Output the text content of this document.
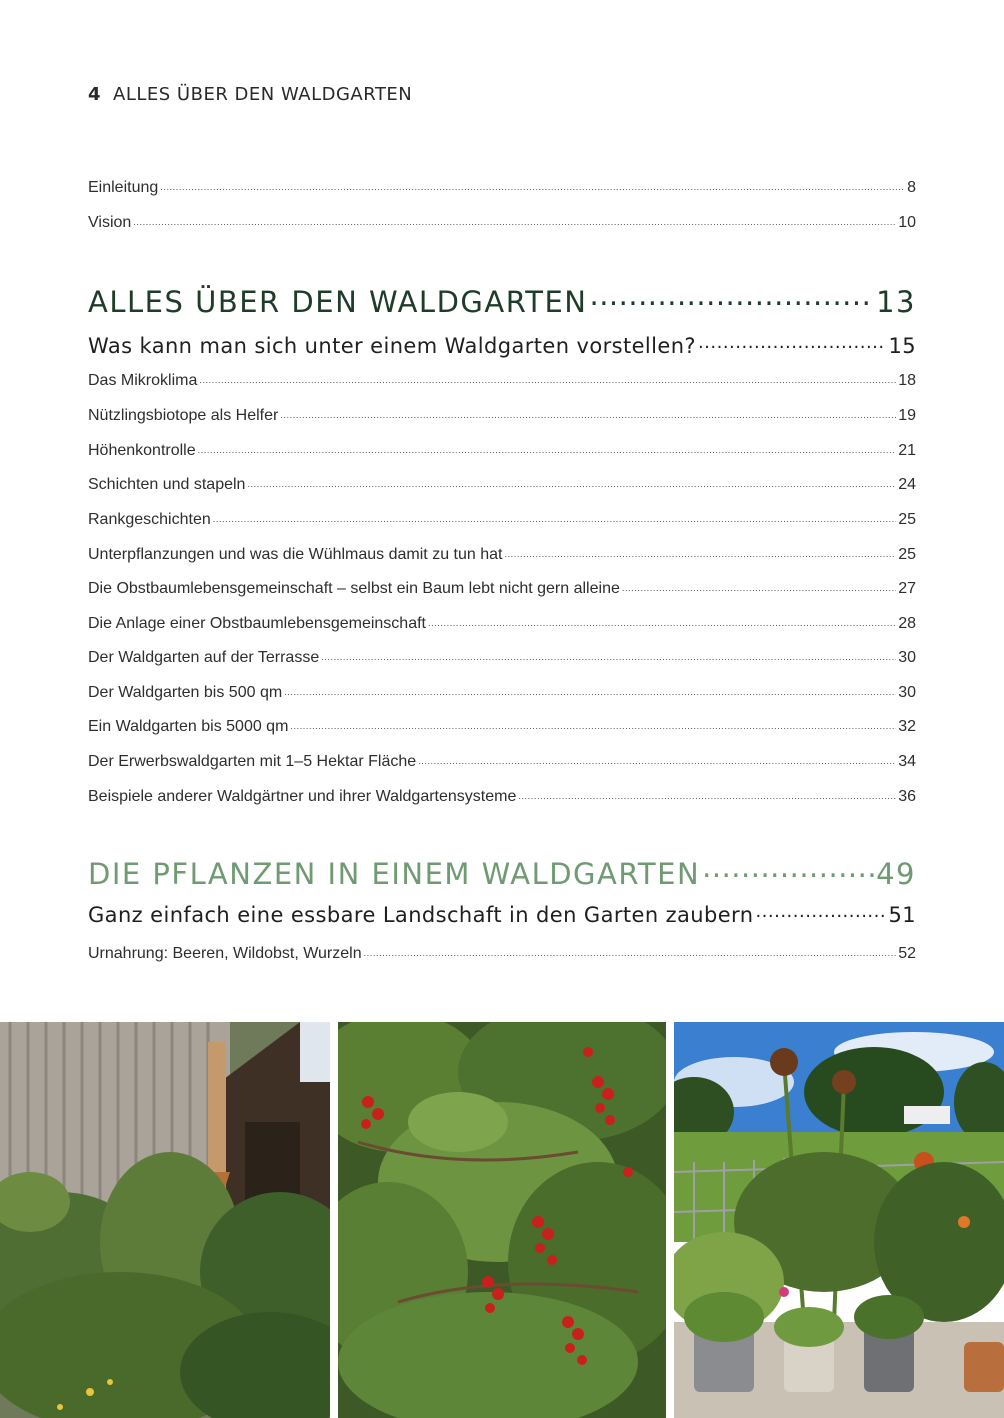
4 ALLES ÜBER DEN WALDGARTEN
Einleitung .....	8
Vision .....	10
ALLES ÜBER DEN WALDGARTEN .....	13
Was kann man sich unter einem Waldgarten vorstellen? .....	15
Das Mikroklima .....	18
Nützlingsbiotope als Helfer .....	19
Höhenkontrolle .....	21
Schichten und stapeln .....	24
Rankgeschichten .....	25
Unterpflanzungen und was die Wühlmaus damit zu tun hat .....	25
Die Obstbaumlebensgemeinschaft – selbst ein Baum lebt nicht gern alleine .....	27
Die Anlage einer Obstbaumlebensgemeinschaft .....	28
Der Waldgarten auf der Terrasse .....	30
Der Waldgarten bis 500 qm .....	30
Ein Waldgarten bis 5000 qm .....	32
Der Erwerbswaldgarten mit 1–5 Hektar Fläche .....	34
Beispiele anderer Waldgärtner und ihrer Waldgartensysteme .....	36
DIE PFLANZEN IN EINEM WALDGARTEN .....	49
Ganz einfach eine essbare Landschaft in den Garten zaubern .....	51
Urnahrung: Beeren, Wildobst, Wurzeln .....	52
